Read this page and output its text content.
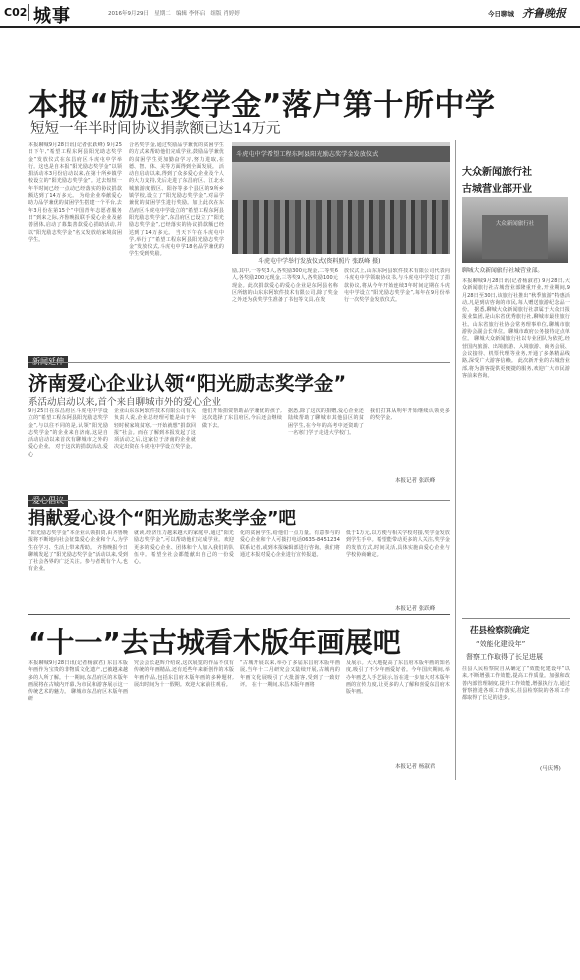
C02 城事	2016年9月29日 星期二 编辑 李怀启 组版 肖婷婷	今日聊城 齐鲁晚报
本报“励志奖学金”落户第十所中学
短短一年半时间协议捐款额已达14万元
本报聊城9月28日讯(记者张跃峰) 9月25日下午,“希望工程东阿县阳光助志奖学金”发放仪式在东昌府区斗虎屯中学举行。这也是自本报“阳光励志奖学金”以领捐活动本3月份启动以来,在第十所乡镇学校设立的“阳光励志奖学金”。过去短短一年半时间已经一点动已经落实的协议捐款额达到了14万多元。 为给企业奉献爱心助力品学兼优的贫困学生搭建一个平台,去年3月份在第15个“中国青年志愿者服务日”到来之际,齐鲁晚报联手爱心企业及慈善团体,启动了募集善款爱心捐助活动,并以“阳光励志奖学金”名义发放给家境贫困学生。
合名奖学金,通过奖励品学兼优的贫困学生的方式来帮助他们完成学业,鼓励品学兼优的贫困学生更加勤奋学习,努力进取,在德、智、体、美等方面得到全面发展。 活动自启动以来,得到了众多爱心企业及个人的大力支持,先后走进了东昌府区、江北水城旅游度假区、阳谷等多个县区的9所乡镇学校,设立了“阳光励志奖学金”,对品学兼优的贫困学生进行奖励。加上此次在东昌府区斗虎屯中学设立的“希望工程东阿县阳光励志奖学金”,东昌府区已设立了“阳光励志奖学金”,已经落实的协议捐款额已经达到了14万多元。 当天下午在斗虎屯中学,举行了“希望工程东阿县阳光励志奖学金”发放仪式,斗虎屯中学18名品学兼优的学生受到奖励。
斗虎屯中学希望工程东阿县阳光励志奖学金发放仪式
斗虎屯中学举行发放仪式(资料照片 张跃峰 摄)
励,其中,一等奖3人,各奖励300元现金,二等奖6人,各奖励200元现金,三等奖9人,各奖励100元现金。此次捐款爱心的爱心企业是东阿县名称区所辖的山东东阿软件技术有限公司,除了奖金之外还为获奖学生准备了书包等文具,在发
放仪式上,山东东阿县软件技术有限公司代表向斗虎屯中学领取协议书,与斗虎屯中学签订了捐款协议,将从今年开始连续3年时间定期在斗虎屯中学设立“阳光励志奖学金”,每年在9月份举行一次奖学金发放仪式。
济南爱心企业认领“阳光励志奖学金”
系活动启动以来,首个来自聊城市外的爱心企业
9月25日在东昌府区斗虎屯中学设立的“希望工程东阿县阳光励志奖学金”,与以往不同的是,认领“阳光励志奖学金”的企业来自济南,这是自活动启动以来首次有聊城市之外的爱心企业。 对于这次的捐款活动,爱心
企业山东东阿软件技术有限公司有关负责人说,企业总经理可能是由于年轻时候家境贫寒,一开始就想“捐款回报”社会。而在了解到本报发起了这项活动之后,这家位于济南的企业就决定出资在斗虎屯中学设立奖学金。
他们开始捐资帮助品学兼优的孩子,这次选择了东昌府区,今后还会继续做下去。
据悉,除了这次的捐赠,爱心企业还陆续帮助了聊城市其他县区的贫困学生,在今年的高考中还资助了一名寒门学子走进大学校门。
我们打算从明年开始继续认领更多的奖学金,
本报记者 张跃峰
捐献爱心设个“阳光励志奖学金”吧
“阳光励志奖学金”本企业认领捐资,由齐鲁晚报将不断地向社会征集爱心企业和个人,为学生在学习、生活上带来帮助。 齐鲁晚报今日聊城发起了“阳光励志奖学金”活动以来,受到了社会各界的广泛关注。参与者既有个人,也有企业。
就读,经济压力越来越大的家庭中,通过“阳光励志奖学金”,可以帮助他们完成学业。欢迎更多的爱心企业、团体和个人加入我们的队伍中。希望全社会都能献出自己的一份爱心。
化的贫困学生,给他们一点力量。有意参与的爱心企业和个人可拨打电话0635-8451234联系记者,或到本报编辑部进行咨询。我们将通过本报对爱心企业进行宣传报道。
低于1万元,以方便与相关学校对接,奖学金发放到学生手中。希望能带动更多的人关注,奖学金的发放方式,时间灵活,具体实施由爱心企业与学校协商确定。
本报记者 张跃峰
“十一”去古城看木版年画展吧
本报聊城9月28日讯(记者杨淑君) 东昌木版年画作为宝贵的非物质文化遗产,已被越来越多的人所了解。十一期间,东昌府区的木版年画展将在古城内开幕,为市民和游客展示这一传统艺术的魅力。 聊城市东昌府区木版年画研
究会会长赵辉介绍说,这次展览的作品不仅有传统的年画精品,还有近些年来新创作的木版年画作品,包括东昌府木版年画的多种题材,展出时间为十一假期。欢迎大家前往观看。
“古城开展以来,举办了多届东昌府木版年画展,当年十二月研究会又陆续开展,古城内的年画文化展吸引了大批游客,受到了一致好评。 在十一期间,东昌木版年画将
及展示。大大地提高了东昌府木版年画的知名度,吸引了不少年画爱好者。今年国庆期间,举办年画艺人手艺展示,旨在进一步加大对木版年画的宣传力度,让更多的人了解和喜爱东昌府木版年画。
本报记者 杨淑君
大众新闻旅行社
古城营业部开业
大众新闻旅行社
聊城大众新闻旅行社城营业部。
本报聊城9月28日讯(记者杨淑君) 9月28日,大众新闻旅行社古城营业部隆重开业,开业期间,9月28日至30日,该旅行社推出“秋季旅游”特惠活动,凡是到店咨询的市民,每人赠送旅游纪念品一份。 据悉,聊城大众新闻旅行社隶属于大众日报报业集团,是山东省优秀旅行社,聊城市最佳旅行社。山东省旅行社协会常务理事单位,聊城市旅游协会副会长单位。聊城市政府公务接待定点单位。 聊城大众新闻旅行社以专业团队为依托,经营国内旅游、出境旅游、入境旅游、商务会展、会议接待、机票代理等业务,开通了多条精品线路,深受广大游客信赖。 此次新开业的古城营业部,将为游客提供更便捷的服务,欢迎广大市民游客前来咨询。
茌县检察院确定
“效能化建设年”
督察工作取得了长足进展
茌县人民检察院自从确定了“效能化建设年”以来,不断增强工作效能,提高工作质量。加强和改善内部管理制度,提升工作效能,增强执行力,通过督察推进各项工作落实,茌县检察院的各项工作都取得了长足的进步。
(马庆博)
